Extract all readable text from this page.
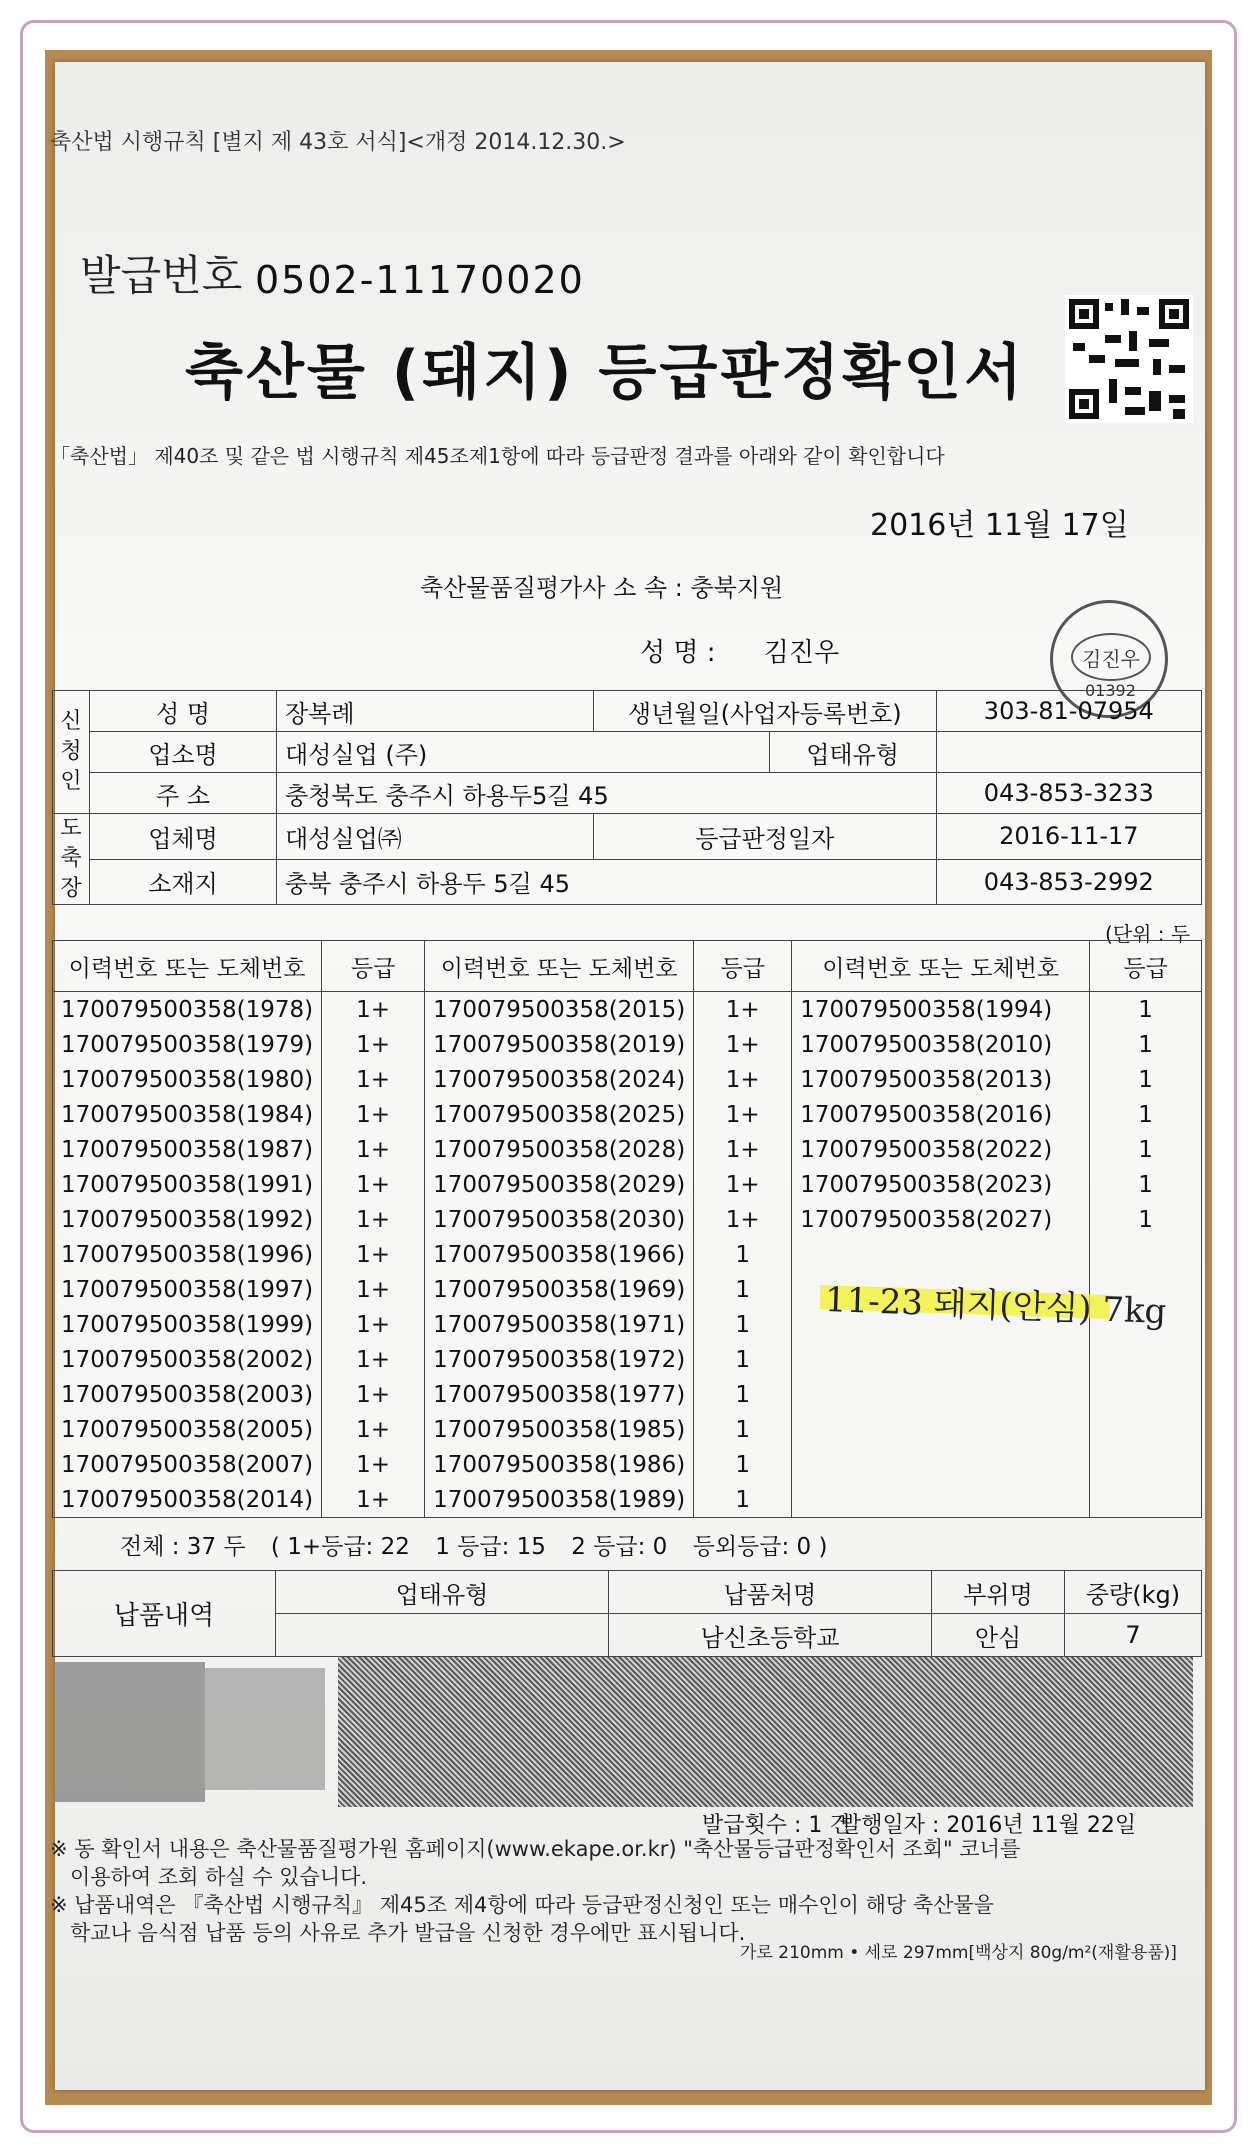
축산법 시행규칙 [별지 제 43호 서식]<개정 2014.12.30.>
발급번호 0502-11170020
축산물 (돼지) 등급판정확인서
「축산법」 제40조 및 같은 법 시행규칙 제45조제1항에 따라 등급판정 결과를 아래와 같이 확인합니다
2016년 11월 17일
축산물품질평가사 소 속 : 충북지원
성 명 : 김진우	김진우
01392
신청인	성 명	장복례	생년월일(사업자등록번호)		303-81-07954
	업소명	대성실업 (주)		업태유형	
	주 소	충청북도 충주시 하용두5길 45			043-853-3233
도축장	업체명	대성실업㈜	등급판정일자		2016-11-17
	소재지	충북 충주시 하용두 5길 45			043-853-2992
(단위 : 두
이력번호 또는 도체번호	등급	이력번호 또는 도체번호	등급	이력번호 또는 도체번호	등급
170079500358(1978)	1+	170079500358(2015)	1+	170079500358(1994)	1
170079500358(1979)	1+	170079500358(2019)	1+	170079500358(2010)	1
170079500358(1980)	1+	170079500358(2024)	1+	170079500358(2013)	1
170079500358(1984)	1+	170079500358(2025)	1+	170079500358(2016)	1
170079500358(1987)	1+	170079500358(2028)	1+	170079500358(2022)	1
170079500358(1991)	1+	170079500358(2029)	1+	170079500358(2023)	1
170079500358(1992)	1+	170079500358(2030)	1+	170079500358(2027)	1
170079500358(1996)	1+	170079500358(1966)	1		
170079500358(1997)	1+	170079500358(1969)	1		
170079500358(1999)	1+	170079500358(1971)	1		
170079500358(2002)	1+	170079500358(1972)	1		
170079500358(2003)	1+	170079500358(1977)	1		
170079500358(2005)	1+	170079500358(1985)	1		
170079500358(2007)	1+	170079500358(1986)	1		
170079500358(2014)	1+	170079500358(1989)	1		
11-23 돼지(안심) 7kg
전체 : 37 두 ( 1+등급: 22 1 등급: 15 2 등급: 0 등외등급: 0 )
납품내역	업태유형	납품처명	부위명	중량(kg)
		남신초등학교	안심	7
발급횟수 : 1 건
발행일자 : 2016년 11월 22일
※ 동 확인서 내용은 축산물품질평가원 홈페이지(www.ekape.or.kr) "축산물등급판정확인서 조회" 코너를
이용하여 조회 하실 수 있습니다.
※ 납품내역은 『축산법 시행규칙』 제45조 제4항에 따라 등급판정신청인 또는 매수인이 해당 축산물을
학교나 음식점 납품 등의 사유로 추가 발급을 신청한 경우에만 표시됩니다.
가로 210mm • 세로 297mm[백상지 80g/m²(재활용품)]
